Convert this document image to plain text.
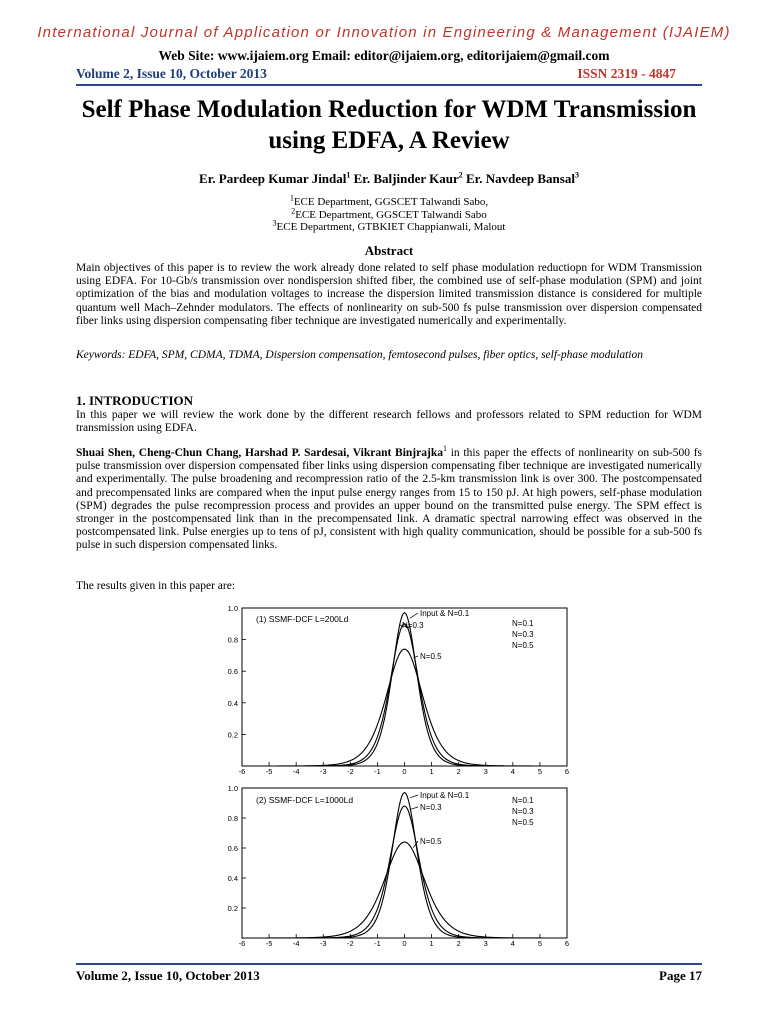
International Journal of Application or Innovation in Engineering & Management (IJAIEM)
Web Site: www.ijaiem.org Email: editor@ijaiem.org, editorijaiem@gmail.com
Volume 2, Issue 10, October 2013	ISSN 2319 - 4847
Self Phase Modulation Reduction for WDM Transmission using EDFA, A Review
Er. Pardeep Kumar Jindal$^1$ Er. Baljinder Kaur$^2$ Er. Navdeep Bansal$^3$
$^1$ECE Department, GGSCET Talwandi Sabo,
$^2$ECE Department, GGSCET Talwandi Sabo
$^3$ECE Department, GTBKIET Chappianwali, Malout
Abstract
Main objectives of this paper is to review the work already done related to self phase modulation reductiopn for WDM Transmission using EDFA. For 10-Gb/s transmission over nondispersion shifted fiber, the combined use of self-phase modulation (SPM) and joint optimization of the bias and modulation voltages to increase the dispersion limited transmission distance is considered for multiple quantum well Mach–Zehnder modulators. The effects of nonlinearity on sub-500 fs pulse transmission over dispersion compensated fiber links using dispersion compensating fiber technique are investigated numerically and experimentally.
Keywords: EDFA, SPM, CDMA, TDMA, Dispersion compensation, femtosecond pulses, fiber optics, self-phase modulation
1. INTRODUCTION
In this paper we will review the work done by the different research fellows and professors related to SPM reduction for WDM transmission using EDFA.
Shuai Shen, Cheng-Chun Chang, Harshad P. Sardesai, Vikrant Binjrajka$^1$ in this paper the effects of nonlinearity on sub-500 fs pulse transmission over dispersion compensated fiber links using dispersion compensating fiber technique are investigated numerically and experimentally. The pulse broadening and recompression ratio of the 2.5-km transmission link is over 300. The postcompensated and precompensated links are compared when the input pulse energy ranges from 15 to 150 pJ. At high powers, self-phase modulation (SPM) degrades the pulse recompression process and provides an upper bound on the transmitted pulse energy. The SPM effect is stronger in the postcompensated link than in the precompensated link. A dramatic spectral narrowing effect was observed in the postcompensated link. Pulse energies up to tens of pJ, consistent with high quality communication, should be possible for a sub-500 fs pulse in such dispersion compensated links.
The results given in this paper are:
-6	-5	-4	-3	-2	-1	0	1	2	3	4	5	6
0.2
0.4
0.6
0.8
1.0
(1) SSMF-DCF L=200Ld
Input & N=0.1
N=0.3
N=0.5
N=0.1
N=0.3
N=0.5
-6	-5	-4	-3	-2	-1	0	1	2	3	4	5	6
0.2
0.4
0.6
0.8
1.0
(2) SSMF-DCF L=1000Ld	Input & N=0.1
N=0.3
N=0.5
N=0.1
N=0.3
N=0.5
Volume 2, Issue 10, October 2013	Page 17
